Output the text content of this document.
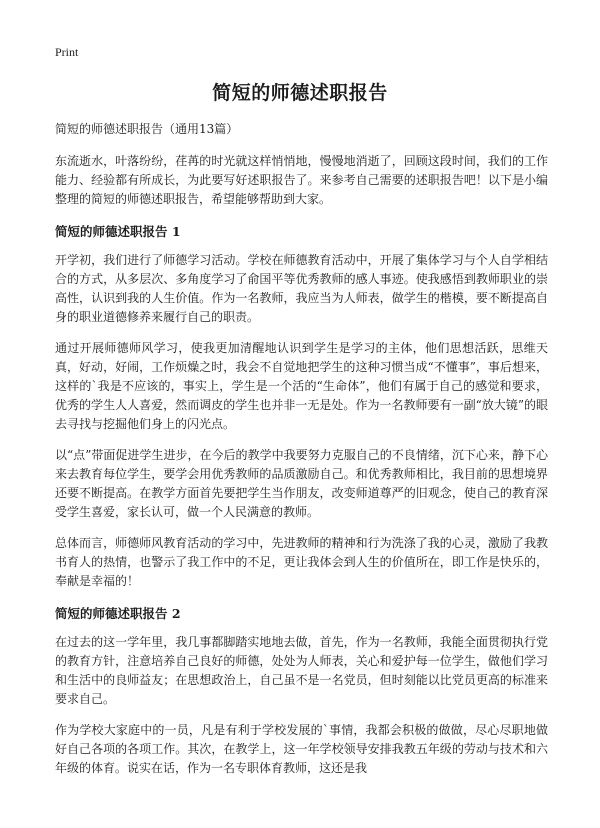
Print
简短的师德述职报告
简短的师德述职报告（通用13篇）

东流逝水，叶落纷纷，荏苒的时光就这样悄悄地，慢慢地消逝了，回顾这段时间，我们的工作能力、经验都有所成长，为此要写好述职报告了。来参考自己需要的述职报告吧！以下是小编整理的简短的师德述职报告，希望能够帮助到大家。

简短的师德述职报告 1

开学初，我们进行了师德学习活动。学校在师德教育活动中，开展了集体学习与个人自学相结合的方式，从多层次、多角度学习了俞国平等优秀教师的感人事迹。使我感悟到教师职业的崇高性，认识到我的人生价值。作为一名教师，我应当为人师表，做学生的楷模，要不断提高自身的职业道德修养来履行自己的职责。

通过开展师德师风学习，使我更加清醒地认识到学生是学习的主体，他们思想活跃，思维天真，好动，好闹，工作烦燥之时，我会不自觉地把学生的这种习惯当成“不懂事”，事后想来，这样的`我是不应该的，事实上，学生是一个活的“生命体”，他们有属于自己的感觉和要求，优秀的学生人人喜爱，然而调皮的学生也并非一无是处。作为一名教师要有一副“放大镜”的眼去寻找与挖掘他们身上的闪光点。

以“点”带面促进学生进步，在今后的教学中我要努力克服自己的不良情绪，沉下心来，静下心来去教育每位学生，要学会用优秀教师的品质激励自己。和优秀教师相比，我目前的思想境界还要不断提高。在教学方面首先要把学生当作朋友，改变师道尊严的旧观念，使自己的教育深受学生喜爱，家长认可，做一个人民满意的教师。

总体而言，师德师风教育活动的学习中，先进教师的精神和行为洗涤了我的心灵，激励了我教书育人的热情，也警示了我工作中的不足，更让我体会到人生的价值所在，即工作是快乐的，奉献是幸福的！

简短的师德述职报告 2

在过去的这一学年里，我几事都脚踏实地地去做，首先，作为一名教师，我能全面贯彻执行党的教育方针，注意培养自己良好的师德，处处为人师表，关心和爱护每一位学生，做他们学习和生活中的良师益友；在思想政治上，自己虽不是一名党员，但时刻能以比党员更高的标准来要求自己。

作为学校大家庭中的一员，凡是有利于学校发展的`事情，我都会积极的做做，尽心尽职地做好自己各项的各项工作。其次，在教学上，这一年学校领导安排我教五年级的劳动与技术和六年级的体育。说实在话，作为一名专职体育教师，这还是我
